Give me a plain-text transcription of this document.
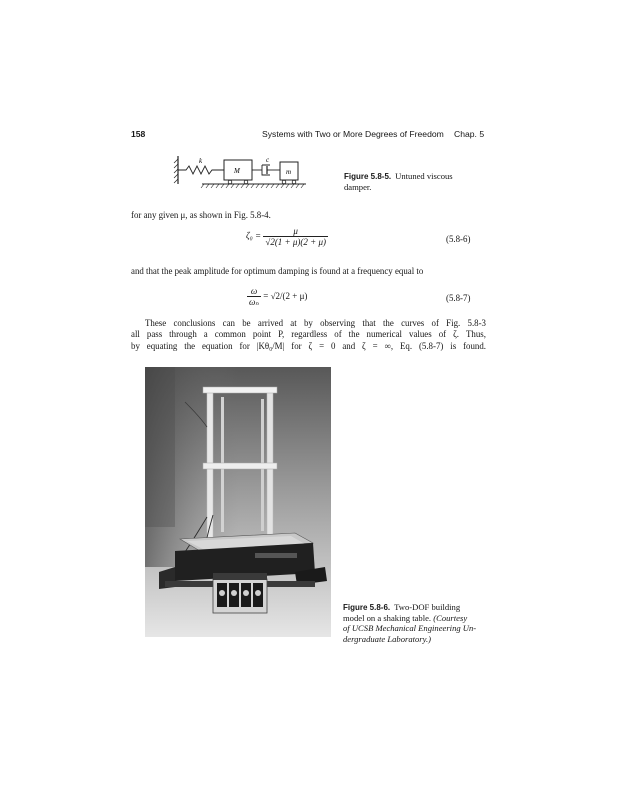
158	Systems with Two or More Degrees of Freedom Chap. 5
k
M
c
m	Figure 5.8-5. Untuned viscous
damper.
for any given μ, as shown in Fig. 5.8-4.
$\zeta_0 = \frac{\mu}{√2(1 + \mu)(2 + \mu)}$	(5.8-6)
and that the peak amplitude for optimum damping is found at a frequency equal to
$\frac{\omega}{\text{ωₙ}} = √2/(2 + \mu)$	(5.8-7)
These conclusions can be arrived at by observing that the curves of Fig. 5.8-3
all pass through a common point P, regardless of the numerical values of ζ. Thus,
by equating the equation for |Kθ₀/M| for ζ = 0 and ζ = ∞, Eq. (5.8-7) is found.
Figure 5.8-6. Two-DOF building
model on a shaking table. (Courtesy
of UCSB Mechanical Engineering Un-
dergraduate Laboratory.)
